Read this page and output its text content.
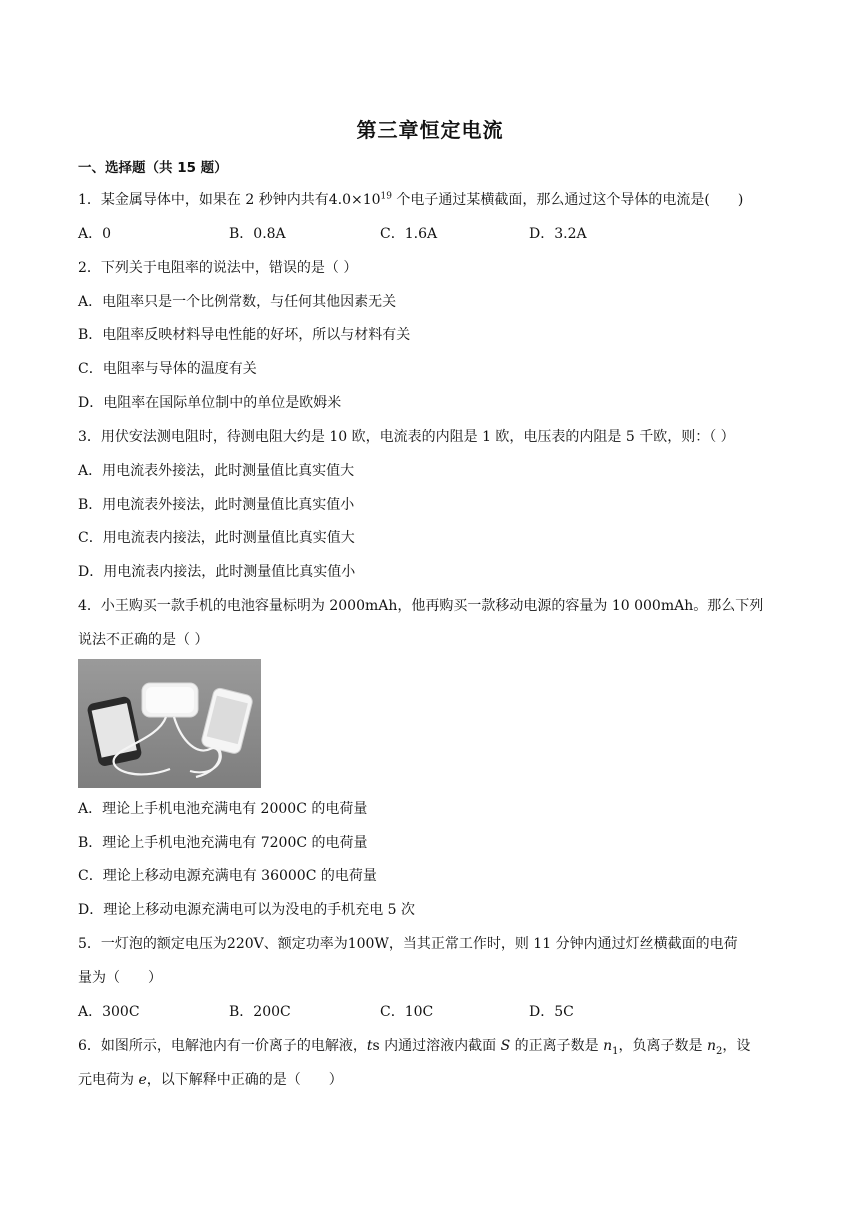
第三章恒定电流
一、选择题（共 15 题）
1．某金属导体中，如果在 2 秒钟内共有$4.0\times 10^{19}$ 个电子通过某横截面，那么通过这个导体的电流是(　　)
A．0	B．0.8A	C．1.6A	D．3.2A
2．下列关于电阻率的说法中，错误的是（ ）
A．电阻率只是一个比例常数，与任何其他因素无关
B．电阻率反映材料导电性能的好坏，所以与材料有关
C．电阻率与导体的温度有关
D．电阻率在国际单位制中的单位是欧姆米
3．用伏安法测电阻时，待测电阻大约是 10 欧，电流表的内阻是 1 欧，电压表的内阻是 5 千欧，则：（ ）
A．用电流表外接法，此时测量值比真实值大
B．用电流表外接法，此时测量值比真实值小
C．用电流表内接法，此时测量值比真实值大
D．用电流表内接法，此时测量值比真实值小
4．小王购买一款手机的电池容量标明为 2000mAh，他再购买一款移动电源的容量为 10 000mAh。那么下列
说法不正确的是（ ）
A．理论上手机电池充满电有 2000C 的电荷量
B．理论上手机电池充满电有 7200C 的电荷量
C．理论上移动电源充满电有 36000C 的电荷量
D．理论上移动电源充满电可以为没电的手机充电 5 次
5．一灯泡的额定电压为220V、额定功率为100W，当其正常工作时，则 11 分钟内通过灯丝横截面的电荷
量为（　　）
A．300C	B．200C	C．10C	D．5C
6．如图所示，电解池内有一价离子的电解液，ts 内通过溶液内截面 S 的正离子数是 $n_1$，负离子数是 $n_2$，设
元电荷为 e，以下解释中正确的是（　　）
